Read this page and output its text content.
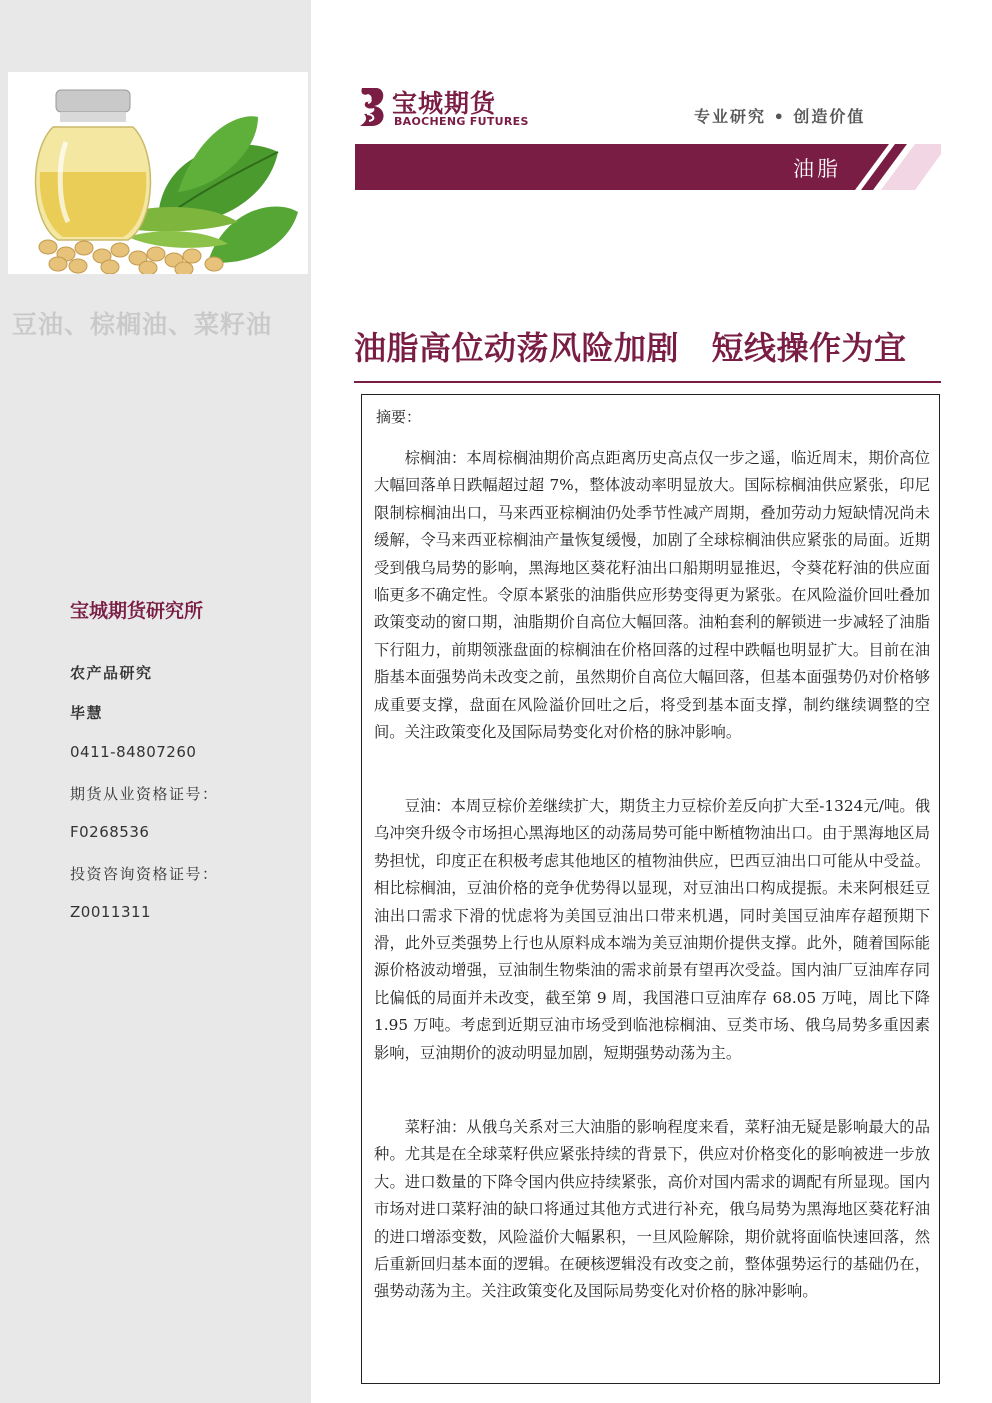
豆油、棕榈油、菜籽油
宝城期货研究所
农产品研究
毕慧
0411-84807260
期货从业资格证号：
F0268536
投资咨询资格证号：
Z0011311
宝城期货
BAOCHENG FUTURES	专业研究 • 创造价值
油脂
油脂高位动荡风险加剧　短线操作为宜
摘要：

棕榈油：本周棕榈油期价高点距离历史高点仅一步之遥，临近周末，期价高位大幅回落单日跌幅超过超 7%，整体波动率明显放大。国际棕榈油供应紧张，印尼限制棕榈油出口，马来西亚棕榈油仍处季节性减产周期，叠加劳动力短缺情况尚未缓解，令马来西亚棕榈油产量恢复缓慢，加剧了全球棕榈油供应紧张的局面。近期受到俄乌局势的影响，黑海地区葵花籽油出口船期明显推迟，令葵花籽油的供应面临更多不确定性。令原本紧张的油脂供应形势变得更为紧张。在风险溢价回吐叠加政策变动的窗口期，油脂期价自高位大幅回落。油粕套利的解锁进一步减轻了油脂下行阻力，前期领涨盘面的棕榈油在价格回落的过程中跌幅也明显扩大。目前在油脂基本面强势尚未改变之前，虽然期价自高位大幅回落，但基本面强势仍对价格够成重要支撑，盘面在风险溢价回吐之后，将受到基本面支撑，制约继续调整的空间。关注政策变化及国际局势变化对价格的脉冲影响。

豆油：本周豆棕价差继续扩大，期货主力豆棕价差反向扩大至-1324元/吨。俄乌冲突升级令市场担心黑海地区的动荡局势可能中断植物油出口。由于黑海地区局势担忧，印度正在积极考虑其他地区的植物油供应，巴西豆油出口可能从中受益。相比棕榈油，豆油价格的竞争优势得以显现，对豆油出口构成提振。未来阿根廷豆油出口需求下滑的忧虑将为美国豆油出口带来机遇，同时美国豆油库存超预期下滑，此外豆类强势上行也从原料成本端为美豆油期价提供支撑。此外，随着国际能源价格波动增强，豆油制生物柴油的需求前景有望再次受益。国内油厂豆油库存同比偏低的局面并未改变，截至第 9 周，我国港口豆油库存 68.05 万吨，周比下降 1.95 万吨。考虑到近期豆油市场受到临池棕榈油、豆类市场、俄乌局势多重因素影响，豆油期价的波动明显加剧，短期强势动荡为主。

菜籽油：从俄乌关系对三大油脂的影响程度来看，菜籽油无疑是影响最大的品种。尤其是在全球菜籽供应紧张持续的背景下，供应对价格变化的影响被进一步放大。进口数量的下降令国内供应持续紧张，高价对国内需求的调配有所显现。国内市场对进口菜籽油的缺口将通过其他方式进行补充，俄乌局势为黑海地区葵花籽油的进口增添变数，风险溢价大幅累积，一旦风险解除，期价就将面临快速回落，然后重新回归基本面的逻辑。在硬核逻辑没有改变之前，整体强势运行的基础仍在，强势动荡为主。关注政策变化及国际局势变化对价格的脉冲影响。
